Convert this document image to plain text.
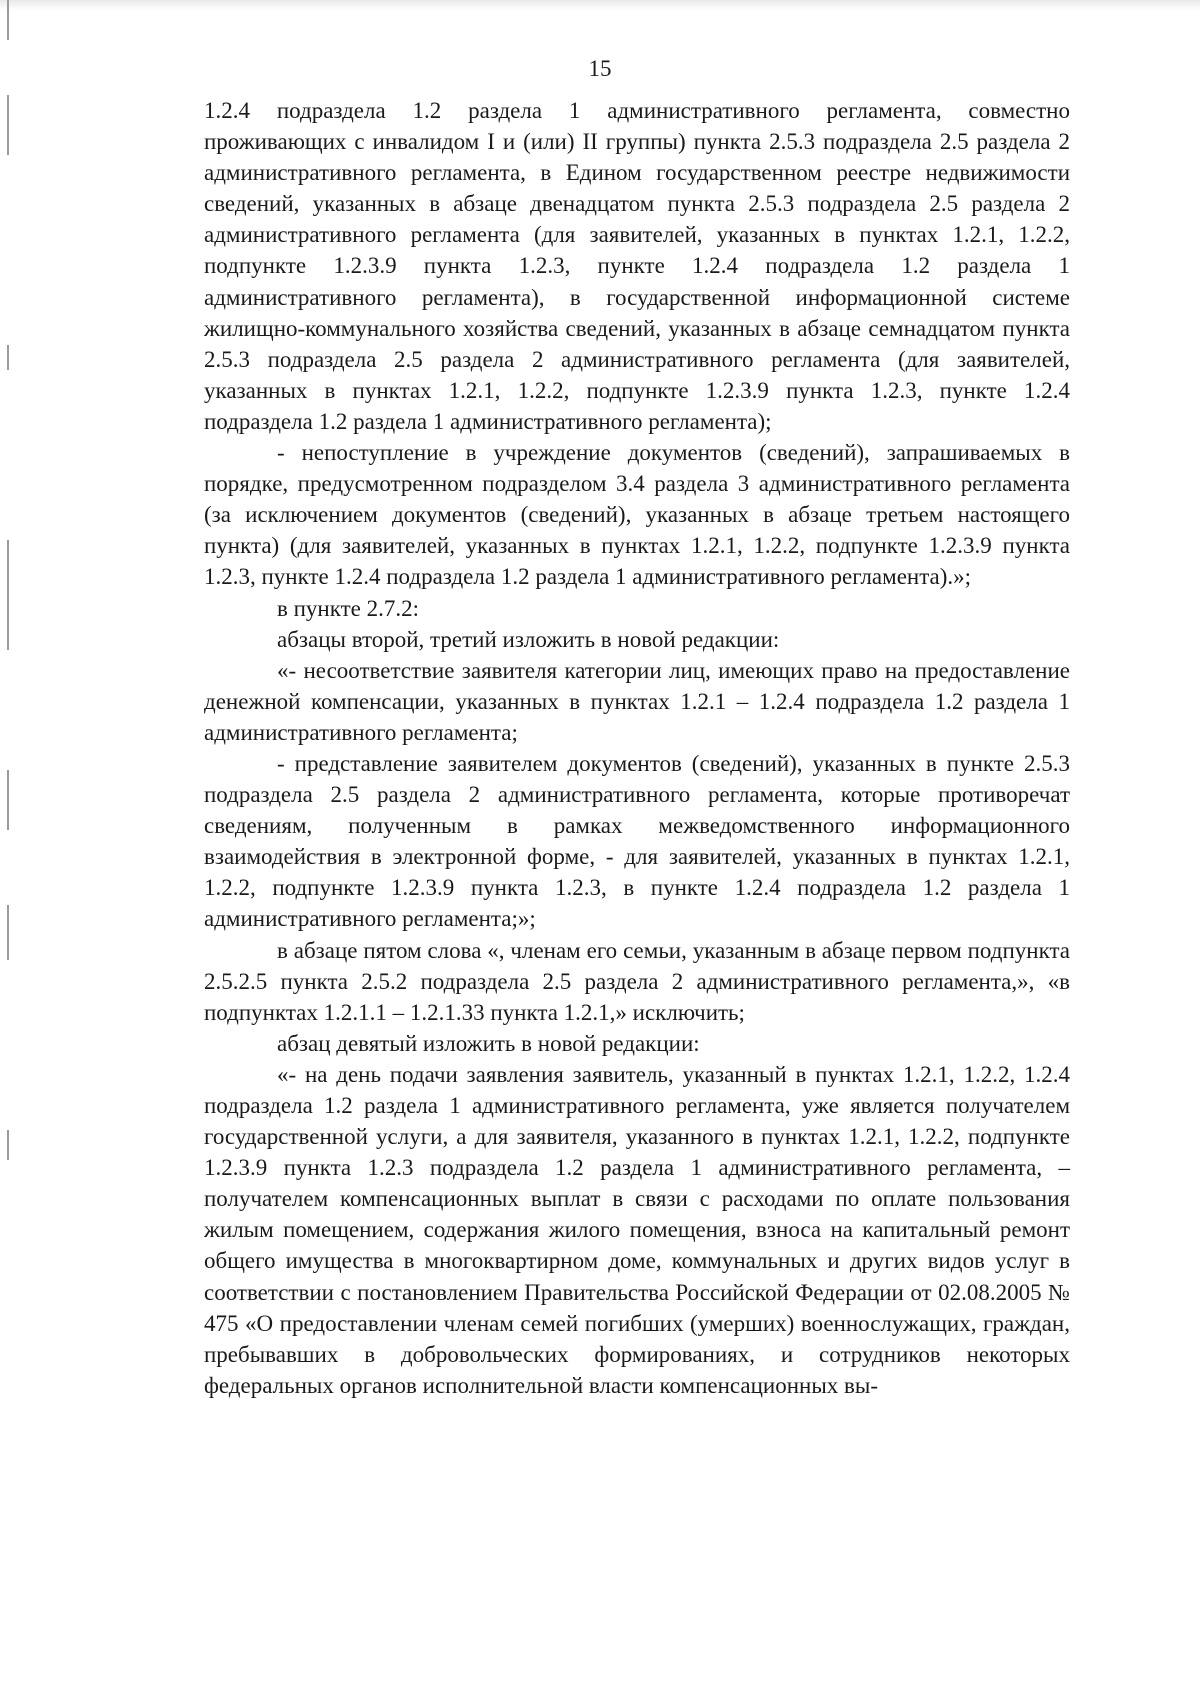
15

1.2.4 подраздела 1.2 раздела 1 административного регламента, совместно проживающих с инвалидом I и (или) II группы) пункта 2.5.3 подраздела 2.5 раздела 2 административного регламента, в Едином государственном реестре недвижимости сведений, указанных в абзаце двенадцатом пункта 2.5.3 подраздела 2.5 раздела 2 административного регламента (для заявителей, указанных в пунктах 1.2.1, 1.2.2, подпункте 1.2.3.9 пункта 1.2.3, пункте 1.2.4 подраздела 1.2 раздела 1 административного регламента), в государственной информационной системе жилищно-коммунального хозяйства сведений, указанных в абзаце семнадцатом пункта 2.5.3 подраздела 2.5 раздела 2 административного регламента (для заявителей, указанных в пунктах 1.2.1, 1.2.2, подпункте 1.2.3.9 пункта 1.2.3, пункте 1.2.4 подраздела 1.2 раздела 1 административного регламента);

- непоступление в учреждение документов (сведений), запрашиваемых в порядке, предусмотренном подразделом 3.4 раздела 3 административного регламента (за исключением документов (сведений), указанных в абзаце третьем настоящего пункта) (для заявителей, указанных в пунктах 1.2.1, 1.2.2, подпункте 1.2.3.9 пункта 1.2.3, пункте 1.2.4 подраздела 1.2 раздела 1 административного регламента).»;

в пункте 2.7.2:

абзацы второй, третий изложить в новой редакции:

«- несоответствие заявителя категории лиц, имеющих право на предоставление денежной компенсации, указанных в пунктах 1.2.1 – 1.2.4 подраздела 1.2 раздела 1 административного регламента;

- представление заявителем документов (сведений), указанных в пункте 2.5.3 подраздела 2.5 раздела 2 административного регламента, которые противоречат сведениям, полученным в рамках межведомственного информационного взаимодействия в электронной форме, - для заявителей, указанных в пунктах 1.2.1, 1.2.2, подпункте 1.2.3.9 пункта 1.2.3, в пункте 1.2.4 подраздела 1.2 раздела 1 административного регламента;»;

в абзаце пятом слова «, членам его семьи, указанным в абзаце первом подпункта 2.5.2.5 пункта 2.5.2 подраздела 2.5 раздела 2 административного регламента,», «в подпунктах 1.2.1.1 – 1.2.1.33 пункта 1.2.1,» исключить;

абзац девятый изложить в новой редакции:

«- на день подачи заявления заявитель, указанный в пунктах 1.2.1, 1.2.2, 1.2.4 подраздела 1.2 раздела 1 административного регламента, уже является получателем государственной услуги, а для заявителя, указанного в пунктах 1.2.1, 1.2.2, подпункте 1.2.3.9 пункта 1.2.3 подраздела 1.2 раздела 1 административного регламента, – получателем компенсационных выплат в связи с расходами по оплате пользования жилым помещением, содержания жилого помещения, взноса на капитальный ремонт общего имущества в многоквартирном доме, коммунальных и других видов услуг в соответствии с постановлением Правительства Российской Федерации от 02.08.2005 № 475 «О предоставлении членам семей погибших (умерших) военнослужащих, граждан, пребывавших в добровольческих формированиях, и сотрудников некоторых федеральных органов исполнительной власти компенсационных вы-
